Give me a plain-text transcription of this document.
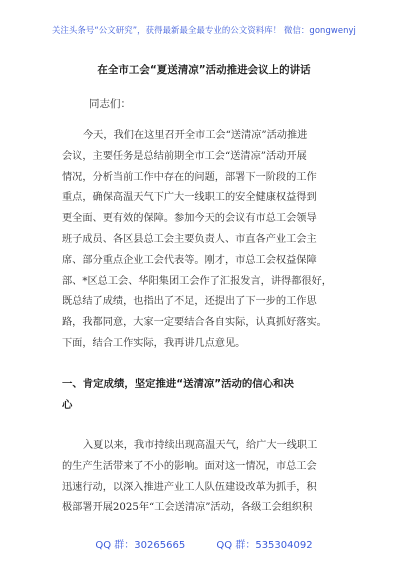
关注头条号“公文研究”，获得最新最全最专业的公文资料库！ 微信：gongwenyj
在全市工会“夏送清凉”活动推进会议上的讲话
同志们：
今天，我们在这里召开全市工会“送清凉”活动推进
会议，主要任务是总结前期全市工会“送清凉”活动开展
情况，分析当前工作中存在的问题，部署下一阶段的工作
重点，确保高温天气下广大一线职工的安全健康权益得到
更全面、更有效的保障。参加今天的会议有市总工会领导
班子成员、各区县总工会主要负责人、市直各产业工会主
席、部分重点企业工会代表等。刚才，市总工会权益保障
部、*区总工会、华阳集团工会作了汇报发言，讲得都很好，
既总结了成绩，也指出了不足，还提出了下一步的工作思
路，我都同意，大家一定要结合各自实际，认真抓好落实。
下面，结合工作实际，我再讲几点意见。
一、肯定成绩，坚定推进“送清凉”活动的信心和决
心
入夏以来，我市持续出现高温天气，给广大一线职工
的生产生活带来了不小的影响。面对这一情况，市总工会
迅速行动，以深入推进产业工人队伍建设改革为抓手，积
极部署开展2025年“工会送清凉”活动，各级工会组织积
QQ 群：30265665	QQ 群：535304092
